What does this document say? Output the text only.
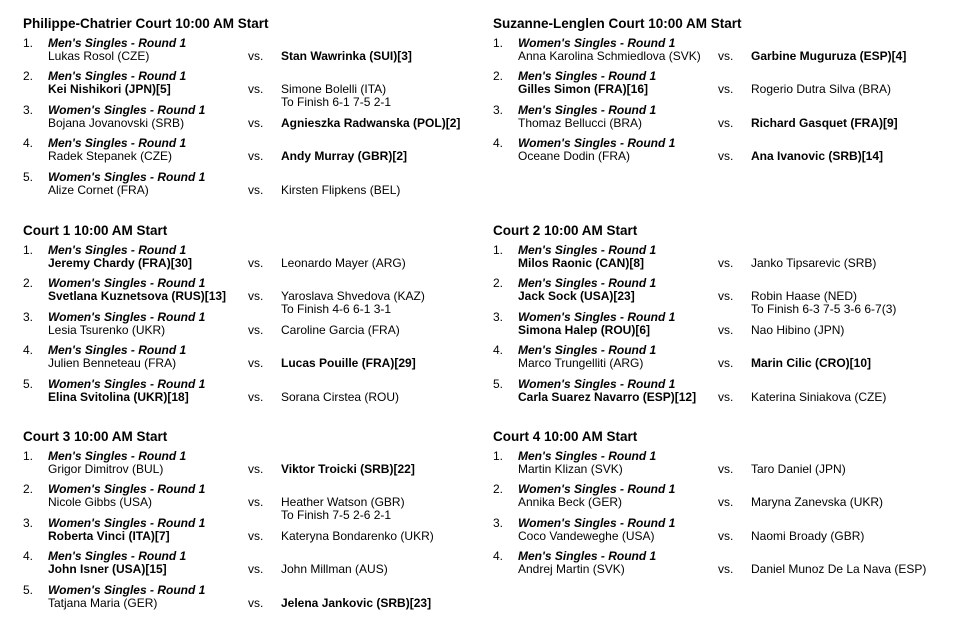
Philippe-Chatrier Court 10:00 AM Start
1. Men's Singles - Round 1
Lukas Rosol (CZE)	vs. Stan Wawrinka (SUI)[3]
2. Men's Singles - Round 1
Kei Nishikori (JPN)[5]	vs. Simone Bolelli (ITA)
To Finish 6-1 7-5 2-1
3. Women's Singles - Round 1
Bojana Jovanovski (SRB)	vs. Agnieszka Radwanska (POL)[2]
4. Men's Singles - Round 1
Radek Stepanek (CZE)	vs. Andy Murray (GBR)[2]
5. Women's Singles - Round 1
Alize Cornet (FRA)	vs. Kirsten Flipkens (BEL)
Suzanne-Lenglen Court 10:00 AM Start
1. Women's Singles - Round 1
Anna Karolina Schmiedlova (SVK) vs. Garbine Muguruza (ESP)[4]
2. Men's Singles - Round 1
Gilles Simon (FRA)[16]	vs. Rogerio Dutra Silva (BRA)
3. Men's Singles - Round 1
Thomaz Bellucci (BRA)	vs. Richard Gasquet (FRA)[9]
4. Women's Singles - Round 1
Oceane Dodin (FRA)	vs. Ana Ivanovic (SRB)[14]
Court 1 10:00 AM Start
1. Men's Singles - Round 1
Jeremy Chardy (FRA)[30]	vs. Leonardo Mayer (ARG)
2. Women's Singles - Round 1
Svetlana Kuznetsova (RUS)[13] vs. Yaroslava Shvedova (KAZ)
To Finish 4-6 6-1 3-1
3. Women's Singles - Round 1
Lesia Tsurenko (UKR)	vs. Caroline Garcia (FRA)
4. Men's Singles - Round 1
Julien Benneteau (FRA)	vs. Lucas Pouille (FRA)[29]
5. Women's Singles - Round 1
Elina Svitolina (UKR)[18]	vs. Sorana Cirstea (ROU)
Court 2 10:00 AM Start
1. Men's Singles - Round 1
Milos Raonic (CAN)[8]	vs. Janko Tipsarevic (SRB)
2. Men's Singles - Round 1
Jack Sock (USA)[23]	vs. Robin Haase (NED)
To Finish 6-3 7-5 3-6 6-7(3)
3. Women's Singles - Round 1
Simona Halep (ROU)[6]	vs. Nao Hibino (JPN)
4. Men's Singles - Round 1
Marco Trungelliti (ARG)	vs. Marin Cilic (CRO)[10]
5. Women's Singles - Round 1
Carla Suarez Navarro (ESP)[12] vs. Katerina Siniakova (CZE)
Court 3 10:00 AM Start
1. Men's Singles - Round 1
Grigor Dimitrov (BUL)	vs. Viktor Troicki (SRB)[22]
2. Women's Singles - Round 1
Nicole Gibbs (USA)	vs. Heather Watson (GBR)
To Finish 7-5 2-6 2-1
3. Women's Singles - Round 1
Roberta Vinci (ITA)[7]	vs. Kateryna Bondarenko (UKR)
4. Men's Singles - Round 1
John Isner (USA)[15]	vs. John Millman (AUS)
5. Women's Singles - Round 1
Tatjana Maria (GER)	vs. Jelena Jankovic (SRB)[23]
Court 4 10:00 AM Start
1. Men's Singles - Round 1
Martin Klizan (SVK)	vs. Taro Daniel (JPN)
2. Women's Singles - Round 1
Annika Beck (GER)	vs. Maryna Zanevska (UKR)
3. Women's Singles - Round 1
Coco Vandeweghe (USA)	vs. Naomi Broady (GBR)
4. Men's Singles - Round 1
Andrej Martin (SVK)	vs. Daniel Munoz De La Nava (ESP)
